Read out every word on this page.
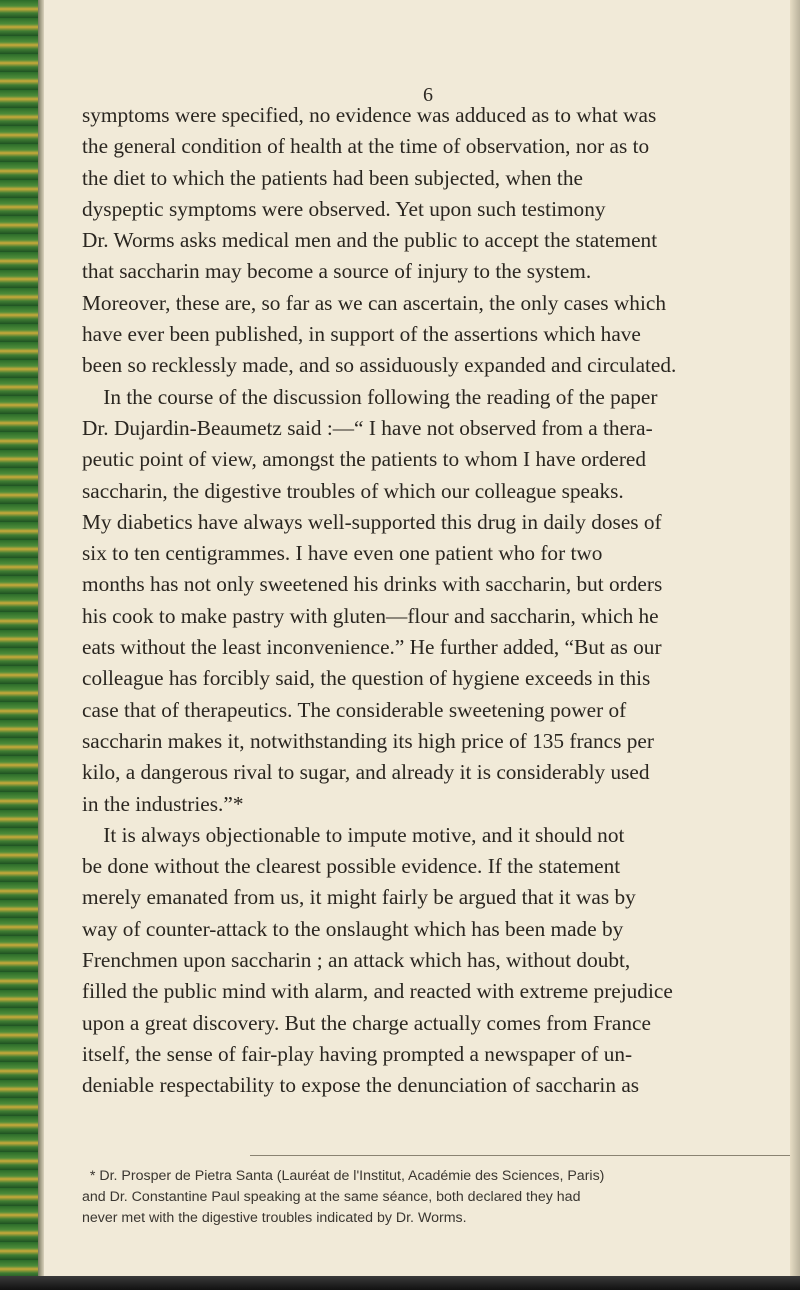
6
symptoms were specified, no evidence was adduced as to what was
the general condition of health at the time of observation, nor as to
the diet to which the patients had been subjected, when the
dyspeptic symptoms were observed. Yet upon such testimony
Dr. Worms asks medical men and the public to accept the statement
that saccharin may become a source of injury to the system.
Moreover, these are, so far as we can ascertain, the only cases which
have ever been published, in support of the assertions which have
been so recklessly made, and so assiduously expanded and circulated.
In the course of the discussion following the reading of the paper
Dr. Dujardin-Beaumetz said :—“ I have not observed from a thera-
peutic point of view, amongst the patients to whom I have ordered
saccharin, the digestive troubles of which our colleague speaks.
My diabetics have always well-supported this drug in daily doses of
six to ten centigrammes. I have even one patient who for two
months has not only sweetened his drinks with saccharin, but orders
his cook to make pastry with gluten—flour and saccharin, which he
eats without the least inconvenience.” He further added, “But as our
colleague has forcibly said, the question of hygiene exceeds in this
case that of therapeutics. The considerable sweetening power of
saccharin makes it, notwithstanding its high price of 135 francs per
kilo, a dangerous rival to sugar, and already it is considerably used
in the industries.”*
It is always objectionable to impute motive, and it should not
be done without the clearest possible evidence. If the statement
merely emanated from us, it might fairly be argued that it was by
way of counter-attack to the onslaught which has been made by
Frenchmen upon saccharin ; an attack which has, without doubt,
filled the public mind with alarm, and reacted with extreme prejudice
upon a great discovery. But the charge actually comes from France
itself, the sense of fair-play having prompted a newspaper of un-
deniable respectability to expose the denunciation of saccharin as
* Dr. Prosper de Pietra Santa (Lauréat de l'Institut, Académie des Sciences, Paris)
and Dr. Constantine Paul speaking at the same séance, both declared they had
never met with the digestive troubles indicated by Dr. Worms.
